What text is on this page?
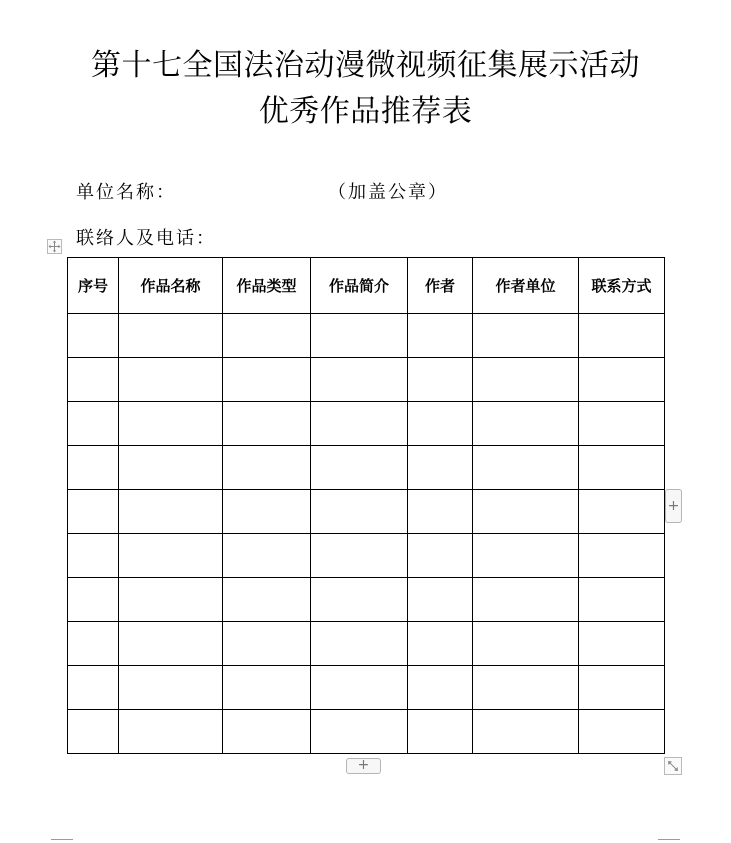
第十七全国法治动漫微视频征集展示活动
优秀作品推荐表
单位名称：	（加盖公章）
联络人及电话：
序号	作品名称	作品类型	作品简介	作者	作者单位	联系方式

+
+
